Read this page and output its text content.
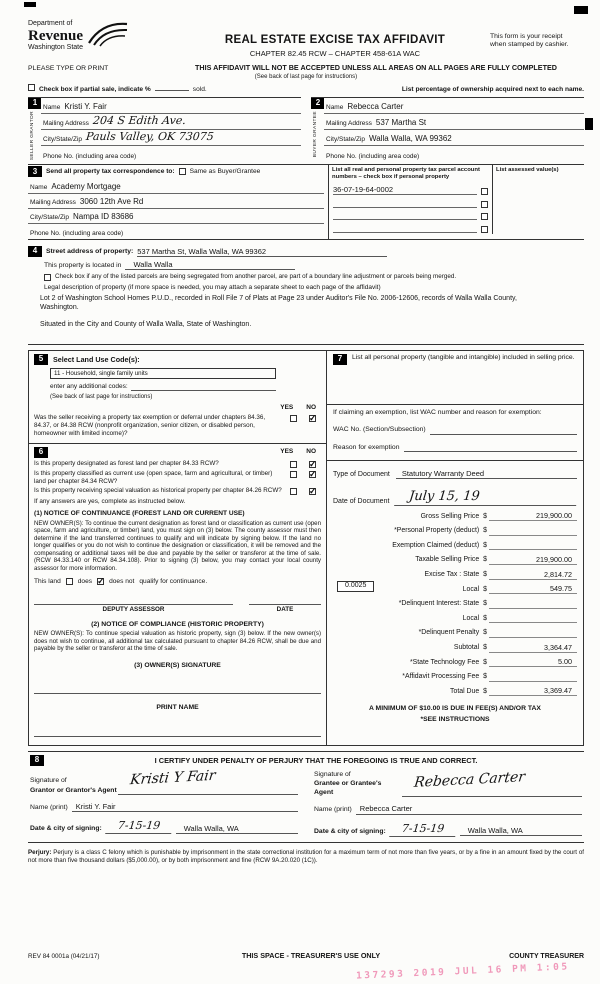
Department of
Revenue
Washington State
REAL ESTATE EXCISE TAX AFFIDAVIT
CHAPTER 82.45 RCW – CHAPTER 458-61A WAC
This form is your receipt
when stamped by cashier.
PLEASE TYPE OR PRINT	THIS AFFIDAVIT WILL NOT BE ACCEPTED UNLESS ALL AREAS ON ALL PAGES ARE FULLY COMPLETED
(See back of last page for instructions)
Check box if partial sale, indicate %	sold.	List percentage of ownership acquired next to each name.
1
SELLER GRANTOR
Name Kristi Y. Fair
Mailing Address 204 S Edith Ave.
City/State/Zip Pauls Valley, OK 73075
Phone No. (including area code)
2
BUYER GRANTEE
Name Rebecca Carter
Mailing Address 537 Martha St
City/State/Zip Walla Walla, WA 99362
Phone No. (including area code)
3	Send all property tax correspondence to: Same as Buyer/Grantee
Name Academy Mortgage
Mailing Address 3060 12th Ave Rd
City/State/Zip Nampa ID 83686
Phone No. (including area code)
List all real and personal property tax parcel account numbers – check box if personal property
List assessed value(s)
36-07-19-64-0002
4	Street address of property: 537 Martha St, Walla Walla, WA 99362
This property is located in	Walla Walla
Check box if any of the listed parcels are being segregated from another parcel, are part of a boundary line adjustment or parcels being merged.
Legal description of property (if more space is needed, you may attach a separate sheet to each page of the affidavit)
Lot 2 of Washington School Homes P.U.D., recorded in Roll File 7 of Plats at Page 23 under Auditor's File No. 2006-12606, records of Walla Walla County, Washington.
Situated in the City and County of Walla Walla, State of Washington.
5	Select Land Use Code(s):
11 - Household, single family units
enter any additional codes:
(See back of last page for instructions)
YES NO
Was the seller receiving a property tax exemption or deferral under chapters 84.36, 84.37, or 84.38 RCW (nonprofit organization, senior citizen, or disabled person, homeowner with limited income)?
✓
6	YES NO
Is this property designated as forest land per chapter 84.33 RCW?
✓
Is this property classified as current use (open space, farm and agricultural, or timber) land per chapter 84.34 RCW?
✓
Is this property receiving special valuation as historical property per chapter 84.26 RCW?
✓
If any answers are yes, complete as instructed below.
(1) NOTICE OF CONTINUANCE (FOREST LAND OR CURRENT USE)
NEW OWNER(S): To continue the current designation as forest land or classification as current use (open space, farm and agriculture, or timber) land, you must sign on (3) below. The county assessor must then determine if the land transferred continues to qualify and will indicate by signing below. If the land no longer qualifies or you do not wish to continue the designation or classification, it will be removed and the compensating or additional taxes will be due and payable by the seller or transferor at the time of sale. (RCW 84.33.140 or RCW 84.34.108). Prior to signing (3) below, you may contact your local county assessor for more information.
This land	does ✓	does not qualify for continuance.
DEPUTY ASSESSOR	DATE
(2) NOTICE OF COMPLIANCE (HISTORIC PROPERTY)
NEW OWNER(S): To continue special valuation as historic property, sign (3) below. If the new owner(s) does not wish to continue, all additional tax calculated pursuant to chapter 84.26 RCW, shall be due and payable by the seller or transferor at the time of sale.
(3) OWNER(S) SIGNATURE
PRINT NAME
7	List all personal property (tangible and intangible) included in selling price.
If claiming an exemption, list WAC number and reason for exemption:
WAC No. (Section/Subsection)
Reason for exemption
Type of Document	Statutory Warranty Deed
Date of Document	July 15, 19
Gross Selling Price $	219,900.00
*Personal Property (deduct) $
Exemption Claimed (deduct) $
Taxable Selling Price $	219,900.00
Excise Tax : State $	2,814.72
0.0025	Local $	549.75
*Delinquent Interest: State $
Local $
*Delinquent Penalty $
Subtotal $	3,364.47
*State Technology Fee $	5.00
*Affidavit Processing Fee $
Total Due $	3,369.47
A MINIMUM OF $10.00 IS DUE IN FEE(S) AND/OR TAX
*SEE INSTRUCTIONS
8	I CERTIFY UNDER PENALTY OF PERJURY THAT THE FOREGOING IS TRUE AND CORRECT.
Signature of
Grantor or Grantor's Agent
Kristi Y Fair
Name (print)	Kristi Y. Fair
Date & city of signing:	7-15-19	Walla Walla, WA
Signature of
Grantee or Grantee's Agent
Rebecca Carter
Name (print)	Rebecca Carter
Date & city of signing:	7-15-19	Walla Walla, WA
Perjury: Perjury is a class C felony which is punishable by imprisonment in the state correctional institution for a maximum term of not more than five years, or by a fine in an amount fixed by the court of not more than five thousand dollars ($5,000.00), or by both imprisonment and fine (RCW 9A.20.020 (1C)).
REV 84 0001a (04/21/17)	THIS SPACE - TREASURER'S USE ONLY	COUNTY TREASURER
137293 2019 JUL 16 PM 1:05
